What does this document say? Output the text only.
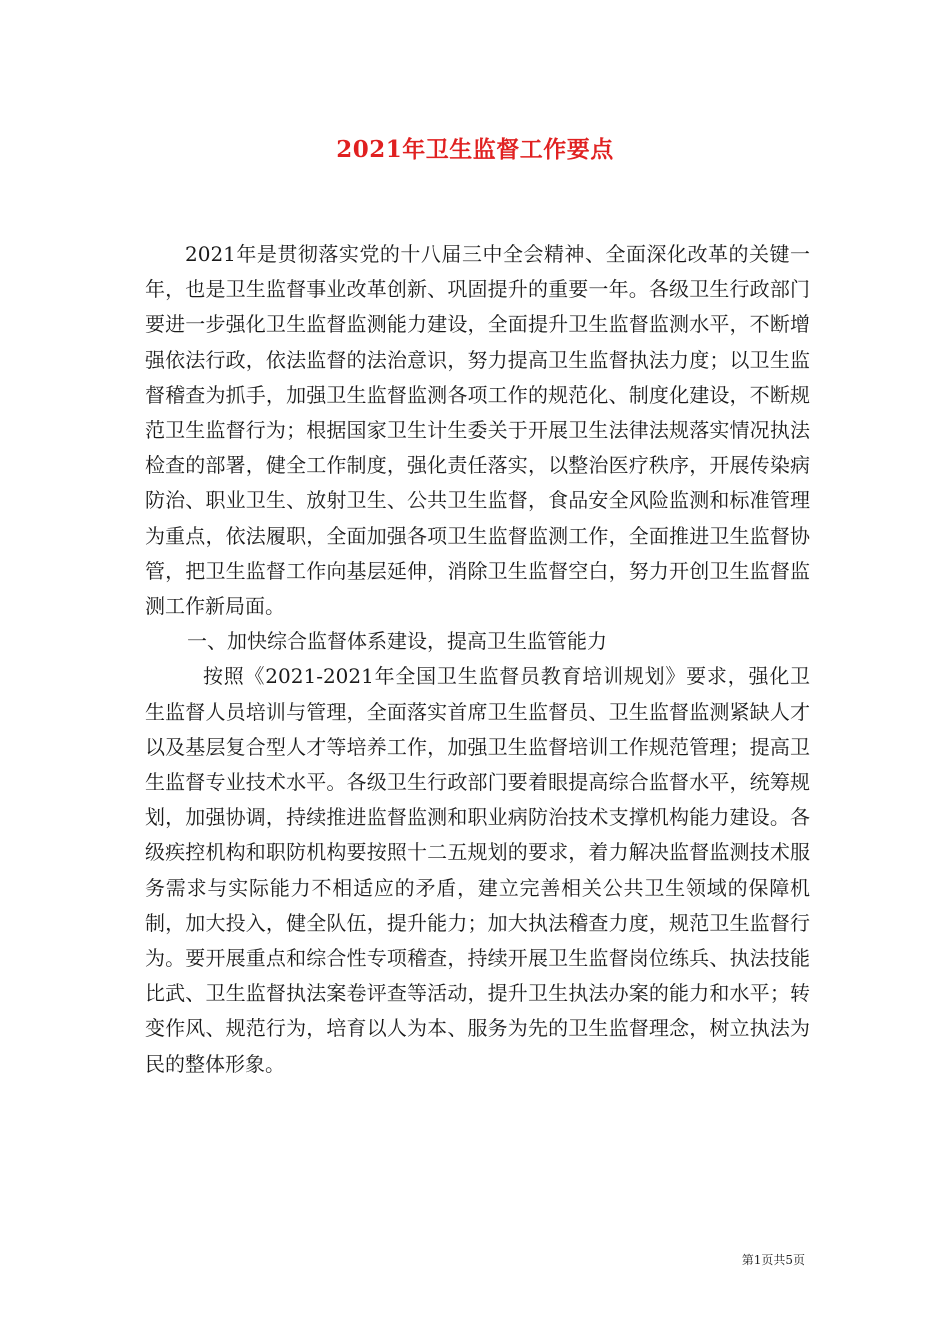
2021年卫生监督工作要点

2021年是贯彻落实党的十八届三中全会精神、全面深化改革的关键一年，也是卫生监督事业改革创新、巩固提升的重要一年。各级卫生行政部门要进一步强化卫生监督监测能力建设，全面提升卫生监督监测水平，不断增强依法行政，依法监督的法治意识，努力提高卫生监督执法力度；以卫生监督稽查为抓手，加强卫生监督监测各项工作的规范化、制度化建设，不断规范卫生监督行为；根据国家卫生计生委关于开展卫生法律法规落实情况执法检查的部署，健全工作制度，强化责任落实，以整治医疗秩序，开展传染病防治、职业卫生、放射卫生、公共卫生监督，食品安全风险监测和标准管理为重点，依法履职，全面加强各项卫生监督监测工作，全面推进卫生监督协管，把卫生监督工作向基层延伸，消除卫生监督空白，努力开创卫生监督监测工作新局面。

一、加快综合监督体系建设，提高卫生监管能力

按照《2021-2021年全国卫生监督员教育培训规划》要求，强化卫生监督人员培训与管理，全面落实首席卫生监督员、卫生监督监测紧缺人才以及基层复合型人才等培养工作，加强卫生监督培训工作规范管理；提高卫生监督专业技术水平。各级卫生行政部门要着眼提高综合监督水平，统筹规划，加强协调，持续推进监督监测和职业病防治技术支撑机构能力建设。各级疾控机构和职防机构要按照十二五规划的要求，着力解决监督监测技术服务需求与实际能力不相适应的矛盾，建立完善相关公共卫生领域的保障机制，加大投入，健全队伍，提升能力；加大执法稽查力度，规范卫生监督行为。要开展重点和综合性专项稽查，持续开展卫生监督岗位练兵、执法技能比武、卫生监督执法案卷评查等活动，提升卫生执法办案的能力和水平；转变作风、规范行为，培育以人为本、服务为先的卫生监督理念，树立执法为民的整体形象。

第1页共5页
